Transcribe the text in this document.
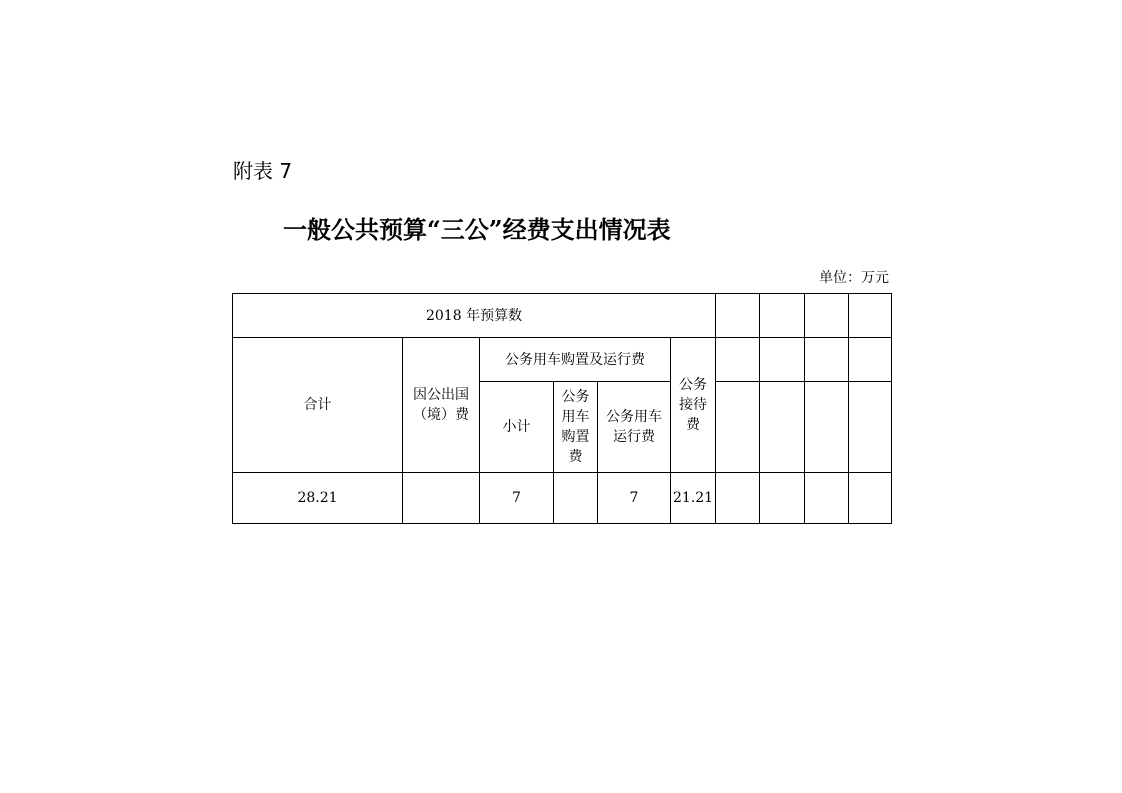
附表 7
一般公共预算“三公”经费支出情况表
单位：万元
2018 年预算数									
合计	因公出国（境）费	公务用车购置及运行费			公务接待费				
		小计	公务用车购置费	公务用车运行费					
28.21		7		7	21.21				
